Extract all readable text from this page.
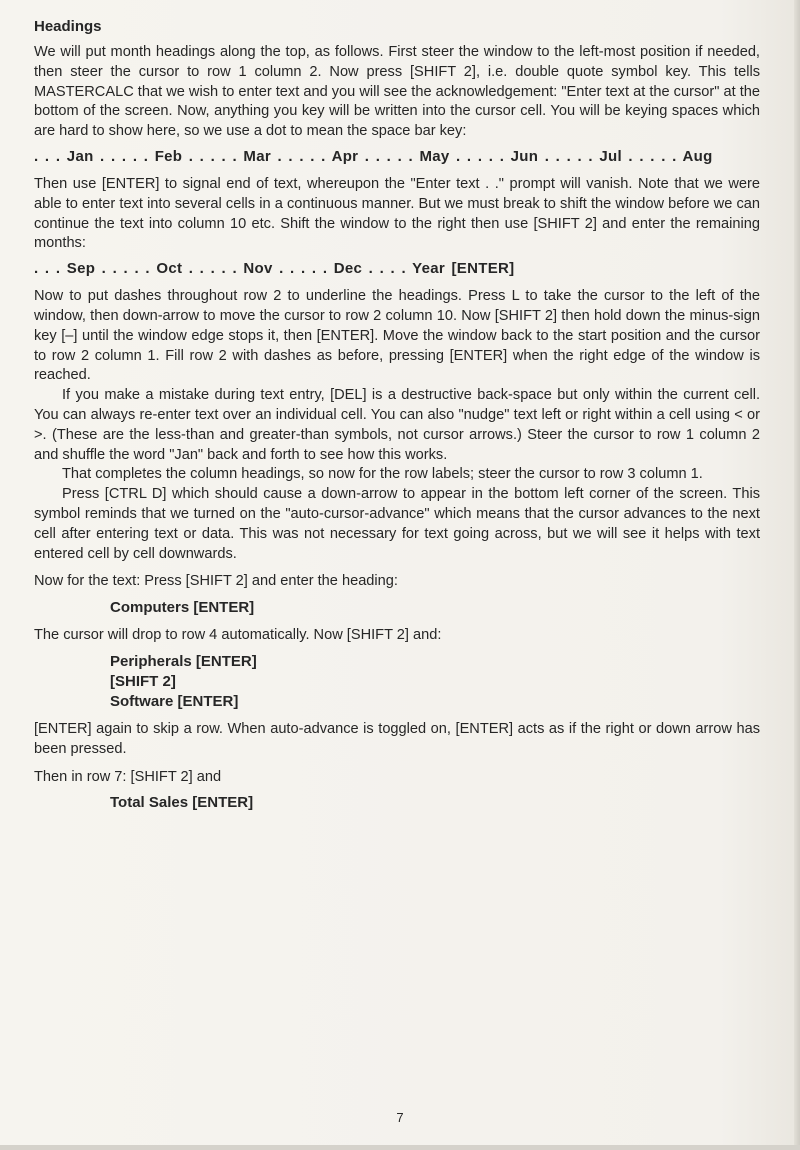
Headings

We will put month headings along the top, as follows. First steer the window to the left-most position if needed, then steer the cursor to row 1 column 2. Now press [SHIFT 2], i.e. double quote symbol key. This tells MASTERCALC that we wish to enter text and you will see the acknowledgement: "Enter text at the cursor" at the bottom of the screen. Now, anything you key will be written into the cursor cell. You will be keying spaces which are hard to show here, so we use a dot to mean the space bar key:

. . . Jan . . . . . Feb . . . . . Mar . . . . . Apr . . . . . May . . . . . Jun . . . . . Jul . . . . . Aug

Then use [ENTER] to signal end of text, whereupon the "Enter text . ." prompt will vanish. Note that we were able to enter text into several cells in a continuous manner. But we must break to shift the window before we can continue the text into column 10 etc. Shift the window to the right then use [SHIFT 2] and enter the remaining months:

. . . Sep . . . . . Oct . . . . . Nov . . . . . Dec . . . . Year [ENTER]

Now to put dashes throughout row 2 to underline the headings. Press L to take the cursor to the left of the window, then down-arrow to move the cursor to row 2 column 10. Now [SHIFT 2] then hold down the minus-sign key [–] until the window edge stops it, then [ENTER]. Move the window back to the start position and the cursor to row 2 column 1. Fill row 2 with dashes as before, pressing [ENTER] when the right edge of the window is reached.

If you make a mistake during text entry, [DEL] is a destructive back-space but only within the current cell. You can always re-enter text over an individual cell. You can also "nudge" text left or right within a cell using < or >. (These are the less-than and greater-than symbols, not cursor arrows.) Steer the cursor to row 1 column 2 and shuffle the word "Jan" back and forth to see how this works.

That completes the column headings, so now for the row labels; steer the cursor to row 3 column 1.

Press [CTRL D] which should cause a down-arrow to appear in the bottom left corner of the screen. This symbol reminds that we turned on the "auto-cursor-advance" which means that the cursor advances to the next cell after entering text or data. This was not necessary for text going across, but we will see it helps with text entered cell by cell downwards.

Now for the text: Press [SHIFT 2] and enter the heading:

Computers [ENTER]

The cursor will drop to row 4 automatically. Now [SHIFT 2] and:

Peripherals [ENTER]
[SHIFT 2]
Software [ENTER]

[ENTER] again to skip a row. When auto-advance is toggled on, [ENTER] acts as if the right or down arrow has been pressed.

Then in row 7: [SHIFT 2] and

Total Sales [ENTER]
7
